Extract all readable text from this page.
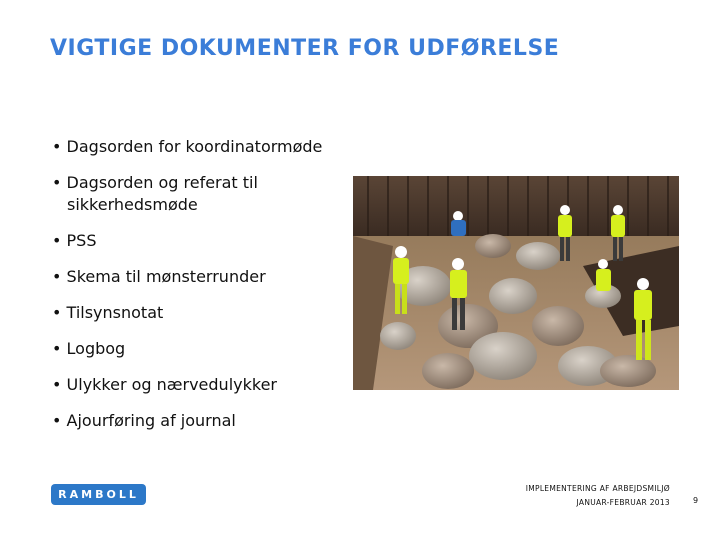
VIGTIGE DOKUMENTER FOR UDFØRELSE
• Dagsorden for koordinatormøde
• Dagsorden og referat til sikkerhedsmøde
• PSS
• Skema til mønsterrunder
• Tilsynsnotat
• Logbog
• Ulykker og nærvedulykker
• Ajourføring af journal
RAMBOLL	IMPLEMENTERING AF ARBEJDSMILJØ
JANUAR-FEBRUAR 2013	9
